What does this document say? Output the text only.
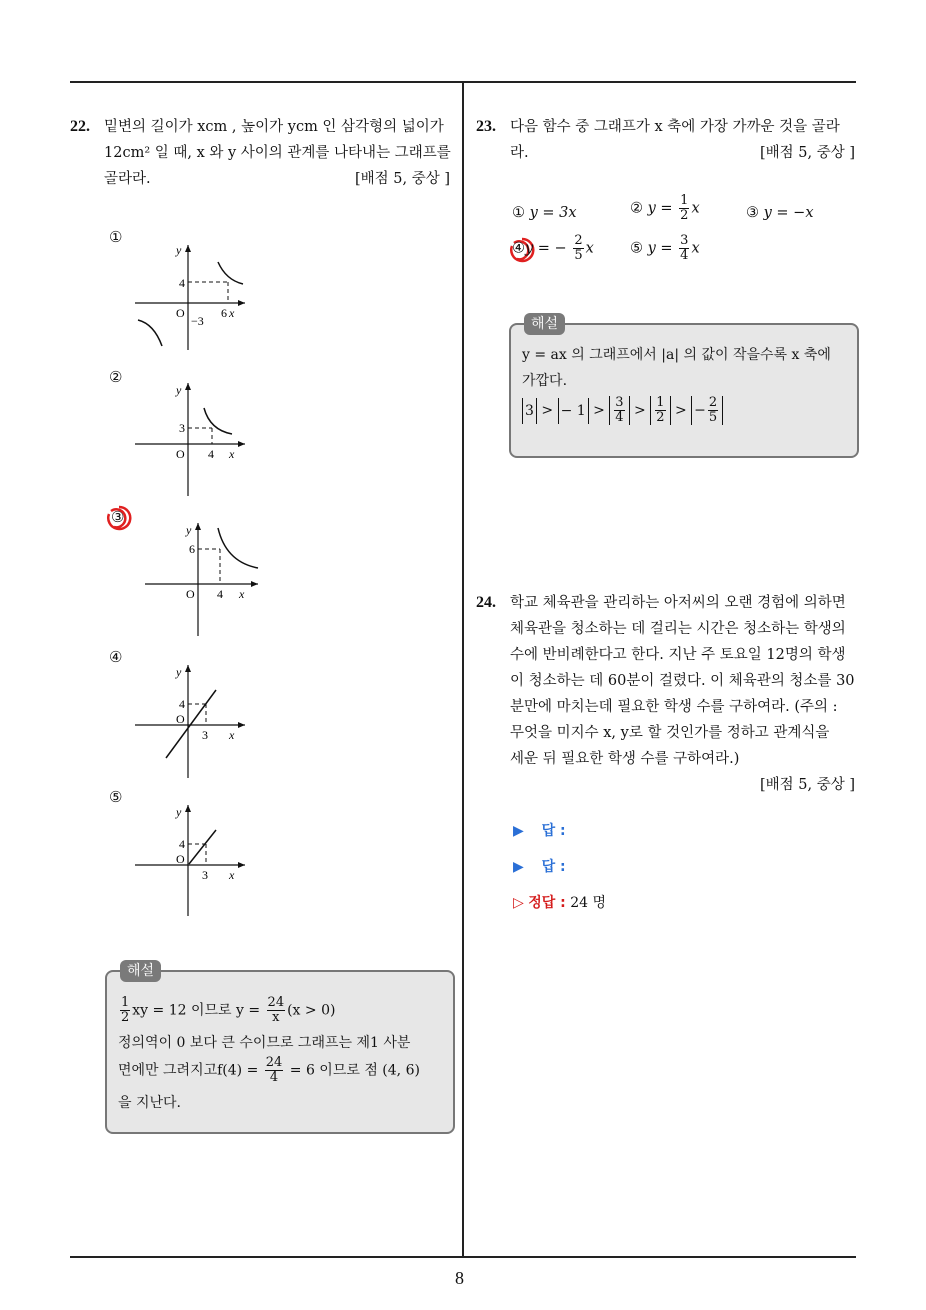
8
22. 밑변의 길이가 xcm , 높이가 ycm 인 삼각형의 넓이가
12cm² 일 때, x 와 y 사이의 관계를 나타내는 그래프를
골라라.	[배점 5, 중상 ]
①
y
4
O
−3
6 x
②
y
3
O 4 x
③
y
6
O 4 x
④
y
4
O
3 x
⑤
y
4
O
3 x
해설
$\frac{1}{2}$ xy = 12 이므로 $y = \frac{24}{x} (x > 0)$
정의역이 0 보다 큰 수이므로 그래프는 제1 사분
면에만 그려지고$f(4) = \frac{24}{4} = 6$ 이므로 점 (4, 6)
을 지난다.
23. 다음 함수 중 그래프가 x 축에 가장 가까운 것을 골라
라.	[배점 5, 중상 ]
① y = 3x	② $y = \frac{1}{2}$ x	③ y = −x
④y = − $\frac{2}{5}$ x ⑤ $y = \frac{3}{4}$ x
해설
y = ax 의 그래프에서 |a| 의 값이 작을수록 x 축에
가깝다.
3 > − $1 > \frac{3}{4} > \frac{1}{2}$ > − $\frac{2}{5}$
24. 학교 체육관을 관리하는 아저씨의 오랜 경험에 의하면
체육관을 청소하는 데 걸리는 시간은 청소하는 학생의
수에 반비례한다고 한다. 지난 주 토요일 12명의 학생
이 청소하는 데 60분이 걸렸다. 이 체육관의 청소를 30
분만에 마치는데 필요한 학생 수를 구하여라. (주의 :
무엇을 미지수 x, y로 할 것인가를 정하고 관계식을
세운 뒤 필요한 학생 수를 구하여라.)
[배점 5, 중상 ]
▶ 답 :
▶ 답 :
▷ 정답 : 24 명
